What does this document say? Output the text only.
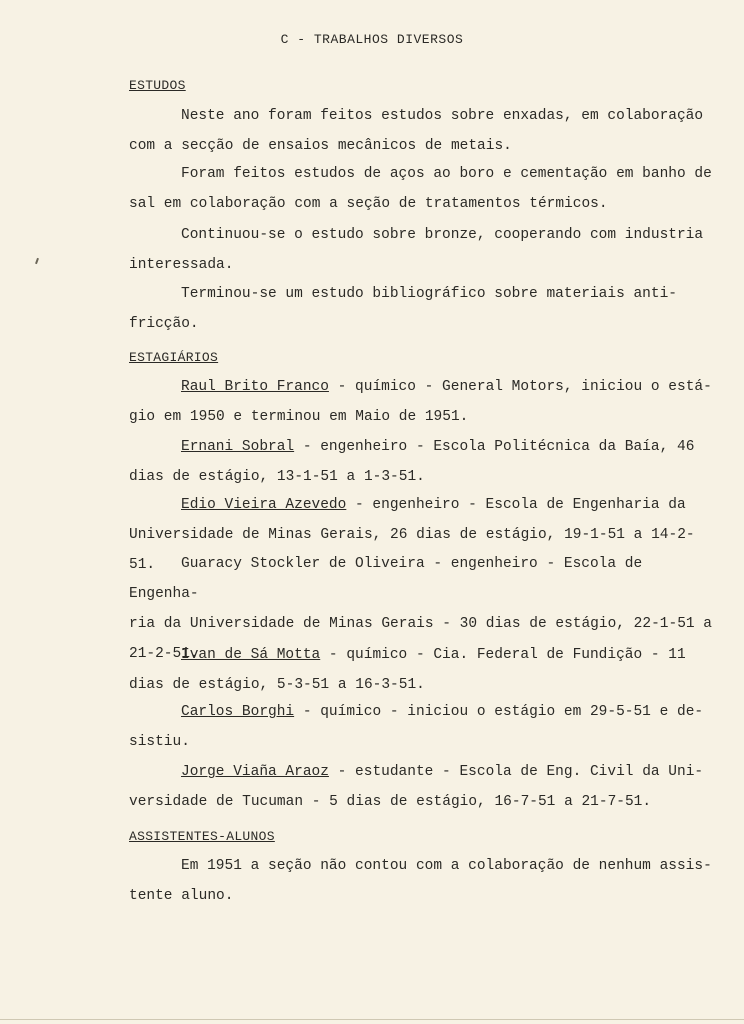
C - TRABALHOS DIVERSOS
ESTUDOS
Neste ano foram feitos estudos sobre enxadas, em colaboração
com a secção de ensaios mecânicos de metais.
Foram feitos estudos de aços ao boro e cementação em banho de
sal em colaboração com a seção de tratamentos térmicos.
Continuou-se o estudo sobre bronze, cooperando com industria
interessada.
Terminou-se um estudo bibliográfico sobre materiais anti-
fricção.
ESTAGIÁRIOS
Raul Brito Franco - químico - General Motors, iniciou o está-
gio em 1950 e terminou em Maio de 1951.
Ernani Sobral - engenheiro - Escola Politécnica da Baía, 46
dias de estágio, 13-1-51 a 1-3-51.
Edio Vieira Azevedo - engenheiro - Escola de Engenharia da
Universidade de Minas Gerais, 26 dias de estágio, 19-1-51 a 14-2-51.	Guaracy Stockler de Oliveira - engenheiro - Escola de Engenha-
ria da Universidade de Minas Gerais - 30 dias de estágio, 22-1-51 a
21-2-51.
Ivan de Sá Motta - químico - Cia. Federal de Fundição - 11
dias de estágio, 5-3-51 a 16-3-51.
Carlos Borghi - químico - iniciou o estágio em 29-5-51 e de-
sistiu.
Jorge Viaña Araoz - estudante - Escola de Eng. Civil da Uni-
versidade de Tucuman - 5 dias de estágio, 16-7-51 a 21-7-51.
ASSISTENTES-ALUNOS
Em 1951 a seção não contou com a colaboração de nenhum assis-
tente aluno.
